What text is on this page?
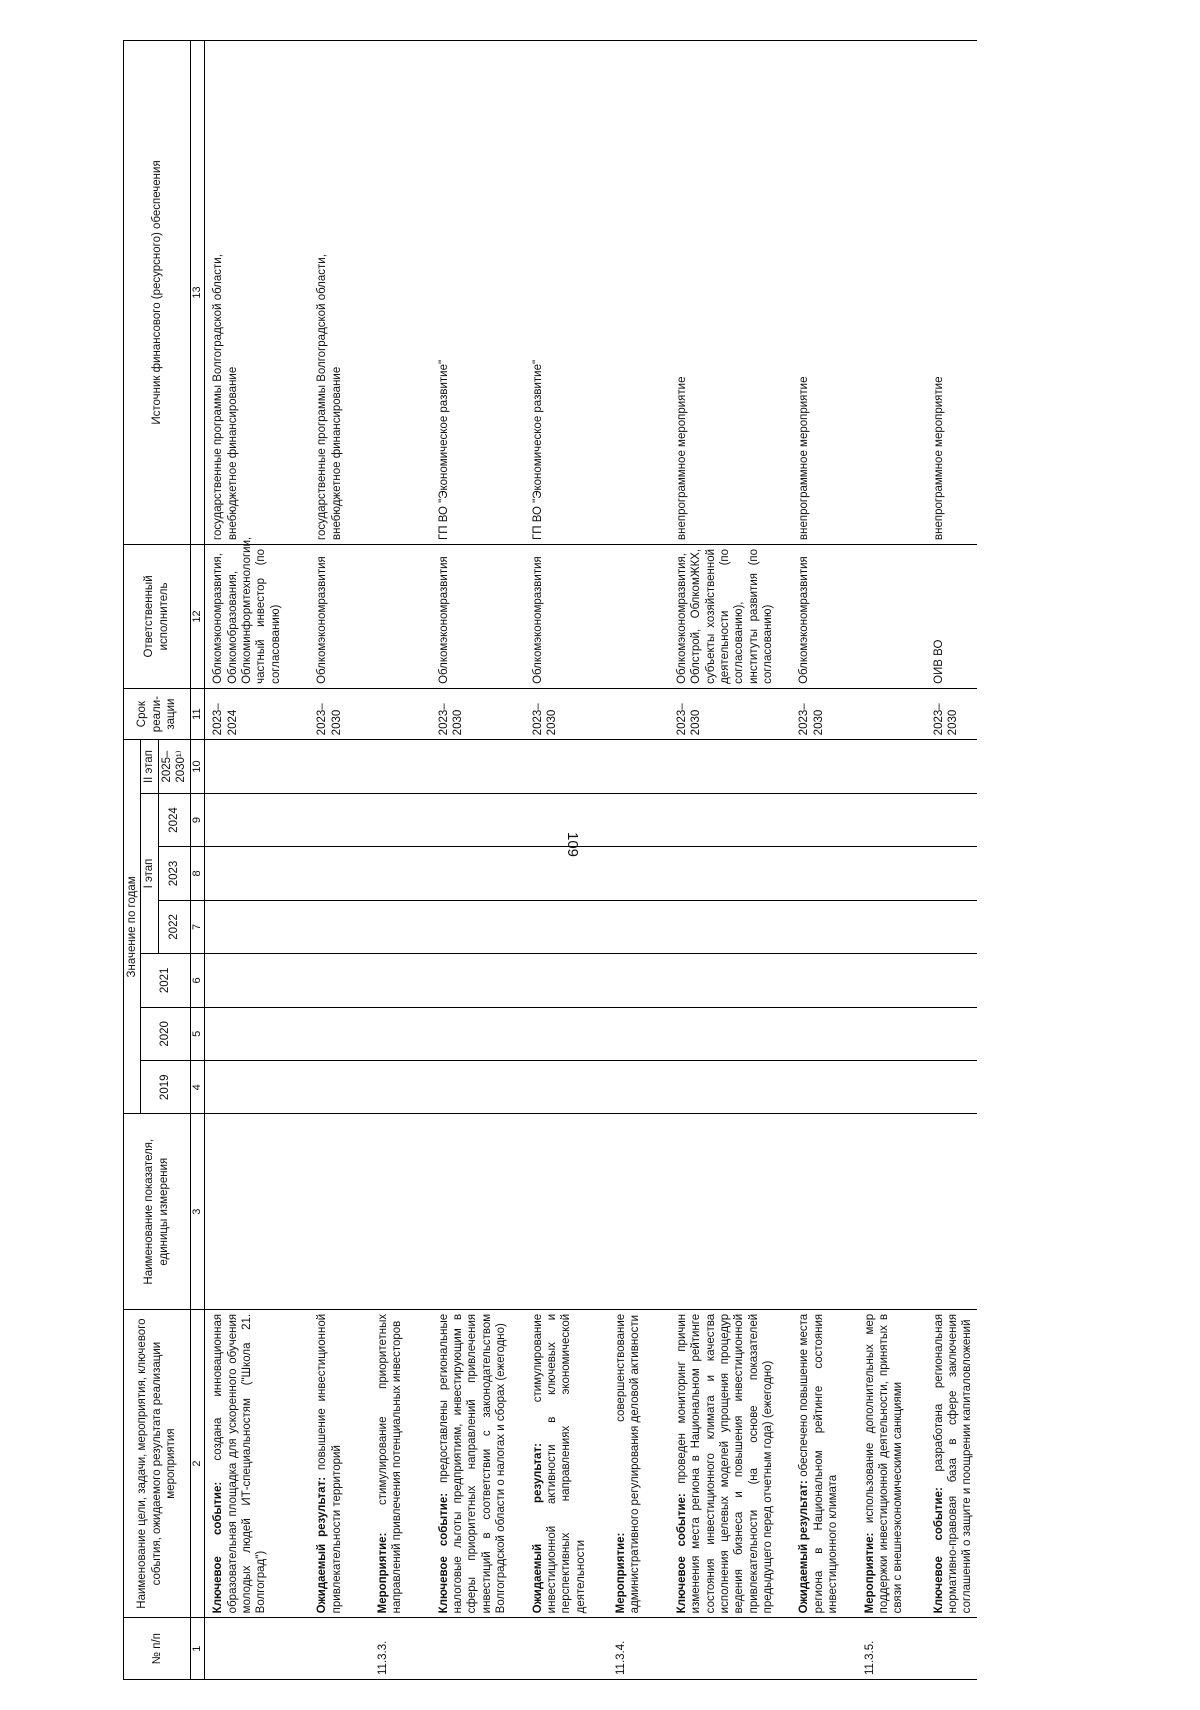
109
№ п/п	Наименование цели, задачи, мероприятия, ключевого события, ожидаемого результата реализации мероприятия	Наименование показателя, единицы измерения	Значение по годам							Срок реали-зации	Ответственный исполнитель	Источник финансового (ресурсного) обеспечения
			2019	2020	2021	I этап			II этап			
						2022	2023	2024	2025–2030¹⁾			
1	2	3	4	5	6	7	8	9	10	11	12	13
	Ключевое событие: создана инновационная образовательная площадка для ускоренного обучения молодых людей ИТ-специальностям ("Школа 21. Волгоград")									2023–2024	Облкомэкономразвития, Облкомобразования, Облкоминформтехнологии, частный инвестор (по согласованию)	государственные программы Волгоградской области, внебюджетное финансирование
	Ожидаемый результат: повышение инвестиционной привлекательности территорий									2023–2030	Облкомэкономразвития	государственные программы Волгоградской области, внебюджетное финансирование
11.3.3.	Мероприятие: стимулирование приоритетных направлений привлечения потенциальных инвесторов											
	Ключевое событие: предоставлены региональные налоговые льготы предприятиям, инвестирующим в сферы приоритетных направлений привлечения инвестиций в соответствии с законодательством Волгоградской области о налогах и сборах (ежегодно)									2023–2030	Облкомэкономразвития	ГП ВО "Экономическое развитие"
	Ожидаемый результат: стимулирование инвестиционной активности в ключевых и перспективных направлениях экономической деятельности									2023–2030	Облкомэкономразвития	ГП ВО "Экономическое развитие"
11.3.4.	Мероприятие: совершенствование административного регулирования деловой активности											
	Ключевое событие: проведен мониторинг причин изменения места региона в Национальном рейтинге состояния инвестиционного климата и качества исполнения целевых моделей упрощения процедур ведения бизнеса и повышения инвестиционной привлекательности (на основе показателей предыдущего перед отчетным года) (ежегодно)									2023–2030	Облкомэкономразвития, Облстрой, ОблкомЖКХ, субъекты хозяйственной деятельности (по согласованию), институты развития (по согласованию)	внепрограммное мероприятие
	Ожидаемый результат: обеспечено повышение места региона в Национальном рейтинге состояния инвестиционного климата									2023–2030	Облкомэкономразвития	внепрограммное мероприятие
11.3.5.	Мероприятие: использование дополнительных мер поддержки инвестиционной деятельности, принятых в связи с внешнеэкономическими санкциями											
	Ключевое событие: разработана региональная нормативно-правовая база в сфере заключения соглашений о защите и поощрении капиталовложений									2023–2030	ОИВ ВО	внепрограммное мероприятие
